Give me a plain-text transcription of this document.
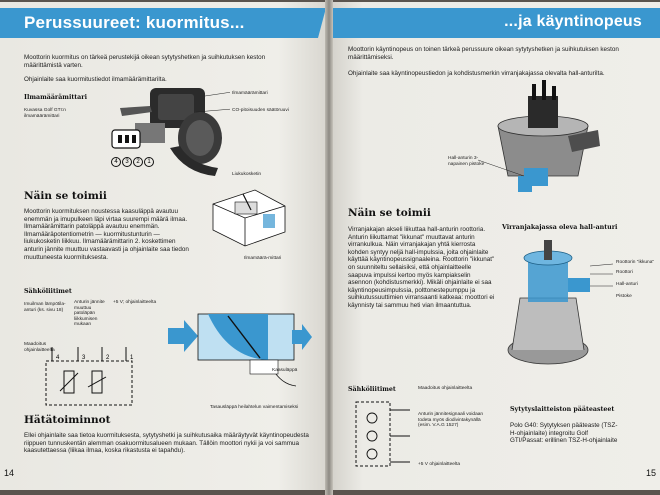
Perussuureet: kuormitus...
Moottorin kuormitus on tärkeä perustekijä oikean sytytyshetken ja suihkutuksen keston määrittämistä varten.
Ohjainlaite saa kuormitustiedot ilmamäärämittarilta.
Ilmamäärämittari
Kuvassa Golf GTI:n ilmamäärämittari
Ilmamäärämittari
CO-pitoisuuden säätöruuvi
4	3	2	1
Liukukosketin
Ilmamäärä-mittari
Näin se toimii
Moottorin kuormituksen noustessa kaasuläppä avautuu enemmän ja imupulkeen läpi virtaa suurempi määrä ilmaa. Ilmamäärämittarin patoläppä avautuu enemmän. Ilmamääräpotentiometrin — kuormitustunturin — liukukosketin liikkuu. Ilmamäärämittarin 2. koskettimen anturin jännite muuttuu vastaavasti ja ohjainlaite saa tiedon muuttuneesta kuormituksesta.
Sähköliitimet
Imuilman lämpötila-anturi (ks. sivu 18)
Anturin jännite muuttuu patoläpän liikkumisen mukaan
+5 V; ohjainlaitteelta
Maadoitus ohjainlaitteelta
4	3	2	1
Kaasuläppä
Tasausläppä heilahtelun vaimentamiseksi
Hätätoiminnot
Ellei ohjainlaite saa tietoa kuormituksesta, sytytyshetki ja suihkutusaika määräytyvät käyntinopeudesta riippuen tunnuskentän alemman osakuormitusalueen mukaan. Tällöin moottori nykii ja voi sammua kaasutettaessa (liikaa ilmaa, koska rikastusta ei tapahdu).
14
...ja käyntinopeus
Moottorin käyntinopeus on toinen tärkeä perussuure oikean sytytyshetken ja suihkutuksen keston määrittämiseksi.
Ohjainlaite saa käyntinopeustiedon ja kohdistusmerkin virranjakajassa olevalta hall-anturilta.
Hall-anturin 3-napainen pistoke
Näin se toimii
Virranjakajan akseli liikuttaa hall-anturin roottoria. Anturin liikuttamat "ikkunat" muuttavat anturin virrankulkua. Näin virranjakajan yhtä kierrosta kohden syntyy neljä hall-impulssia, joita ohjainlaite käyttää käyntinopeussignaaleina. Roottorin "ikkunat" on suunniteltu sellaisiksi, että ohjainlaitteelle saapuva impulssi kertoo myös kampiakselin asennon (kohdistusmerkki). Mikäli ohjainlaite ei saa käyntinopeusimpulssia, polttonestepumppu ja suihkutussuuttimien virransaanti katkeaa: moottori ei käynnisty tai sammuu heti vian ilmaantuttua.
Virranjakajassa oleva hall-anturi
Roottorin "ikkuna"
Roottori
Hall-anturi
Pistoke
Sähköliitimet	Maadoitus ohjainlaitteelta
Anturin jännitesignaali voidaan todeta myös diodivintakynällä (esim. V.A.G 1527)
+5 V ohjainlaitteelta
Sytytyslaitteiston pääteasteet
Polo G40: Sytytyksen pääteaste (TSZ-H-ohjainlaite) integroitu Golf GTI/Passat: erillinen TSZ-H-ohjainlaite
15
